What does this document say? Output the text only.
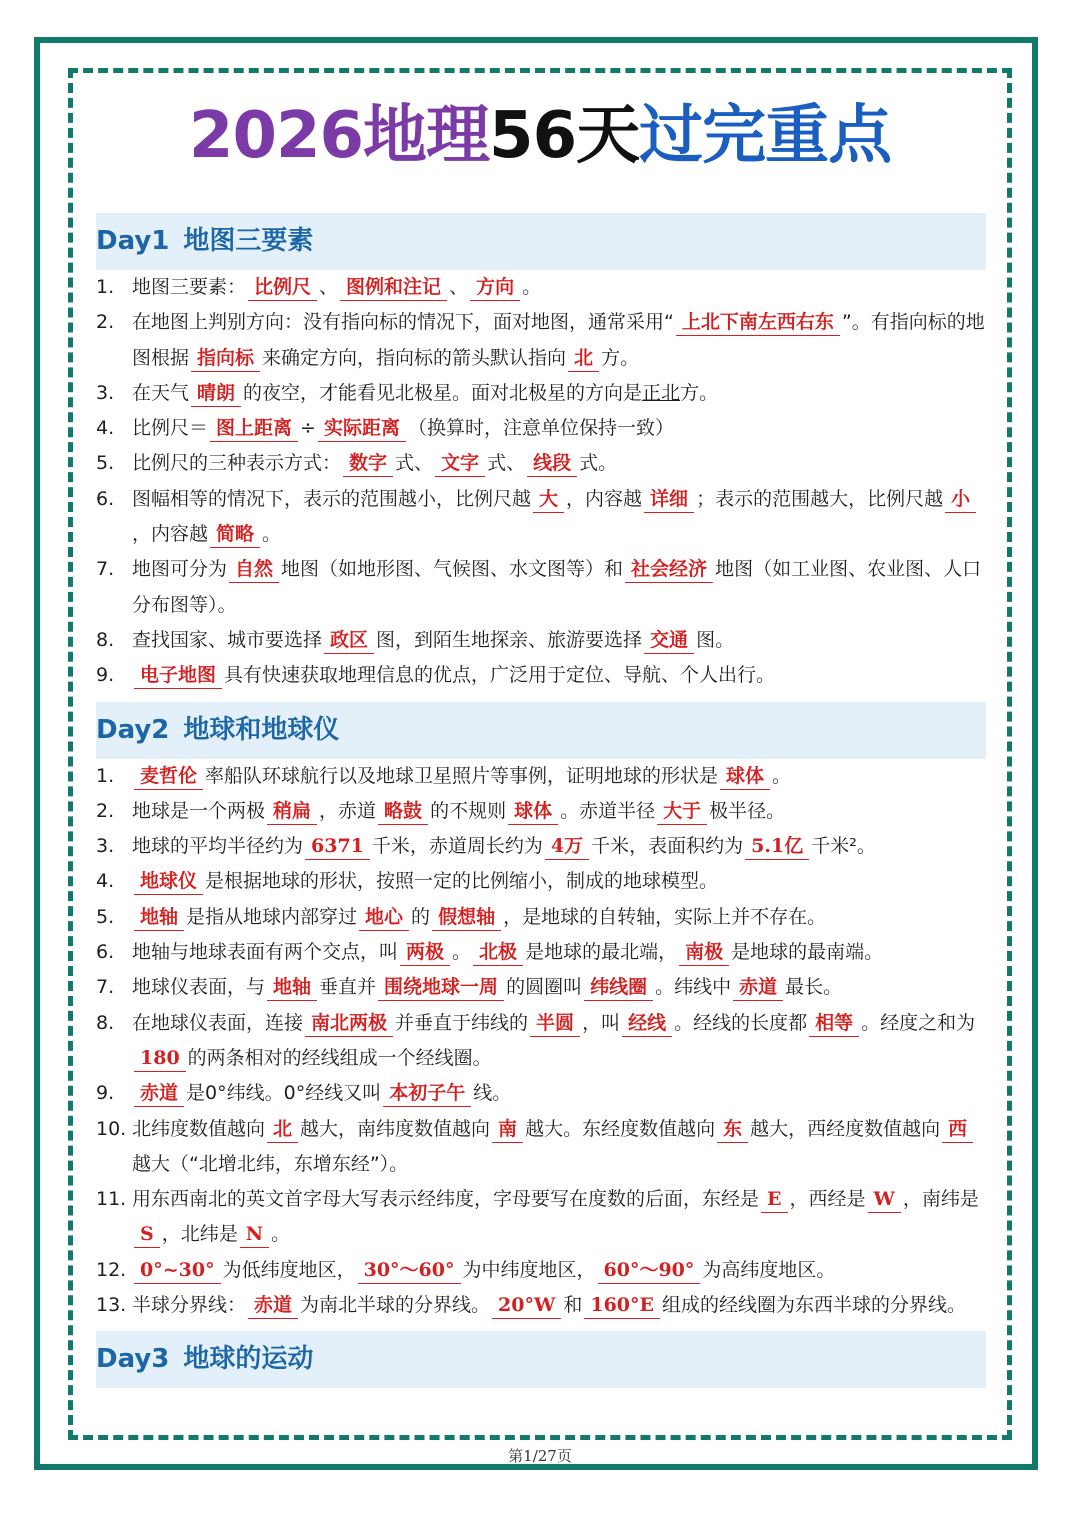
2026地理56天过完重点
Day1 地图三要素
1. 地图三要素： 比例尺 、 图例和注记 、 方向 。
2. 在地图上判别方向：没有指向标的情况下，面对地图，通常采用“ 上北下南左西右东 ”。有指向标的地图根据 指向标 来确定方向，指向标的箭头默认指向 北 方。
3. 在天气 晴朗 的夜空，才能看见北极星。面对北极星的方向是正北方。
4. 比例尺＝ 图上距离 ÷ 实际距离 （换算时，注意单位保持一致）
5. 比例尺的三种表示方式： 数字 式、 文字 式、 线段 式。
6. 图幅相等的情况下，表示的范围越小，比例尺越 大 ，内容越 详细 ；表示的范围越大，比例尺越 小，内容越 简略 。
7. 地图可分为 自然 地图（如地形图、气候图、水文图等）和 社会经济 地图（如工业图、农业图、人口分布图等）。
8. 查找国家、城市要选择 政区 图，到陌生地探亲、旅游要选择 交通 图。
9. 电子地图 具有快速获取地理信息的优点，广泛用于定位、导航、个人出行。
Day2 地球和地球仪
1. 麦哲伦 率船队环球航行以及地球卫星照片等事例，证明地球的形状是 球体 。
2. 地球是一个两极 稍扁 ，赤道 略鼓 的不规则 球体 。赤道半径 大于 极半径。
3. 地球的平均半径约为 6371 千米，赤道周长约为 4万 千米，表面积约为 5.1亿 千米²。
4. 地球仪 是根据地球的形状，按照一定的比例缩小，制成的地球模型。
5. 地轴 是指从地球内部穿过 地心 的 假想轴 ，是地球的自转轴，实际上并不存在。
6. 地轴与地球表面有两个交点，叫 两极 。 北极 是地球的最北端， 南极 是地球的最南端。
7. 地球仪表面，与 地轴 垂直并 围绕地球一周 的圆圈叫 纬线圈 。纬线中 赤道 最长。
8. 在地球仪表面，连接 南北两极 并垂直于纬线的 半圆 ，叫 经线 。经线的长度都 相等 。经度之和为180 的两条相对的经线组成一个经线圈。
9. 赤道 是0°纬线。0°经线又叫 本初子午 线。
10. 北纬度数值越向 北 越大，南纬度数值越向 南 越大。东经度数值越向 东 越大，西经度数值越向 西越大（“北增北纬，东增东经”）。
11. 用东西南北的英文首字母大写表示经纬度，字母要写在度数的后面，东经是 E ，西经是 W ，南纬是S ，北纬是 N 。
12. 0°~30° 为低纬度地区， 30°～60° 为中纬度地区， 60°～90° 为高纬度地区。
13. 半球分界线： 赤道 为南北半球的分界线。 20°W 和 160°E 组成的经线圈为东西半球的分界线。
Day3 地球的运动
第1/27页
